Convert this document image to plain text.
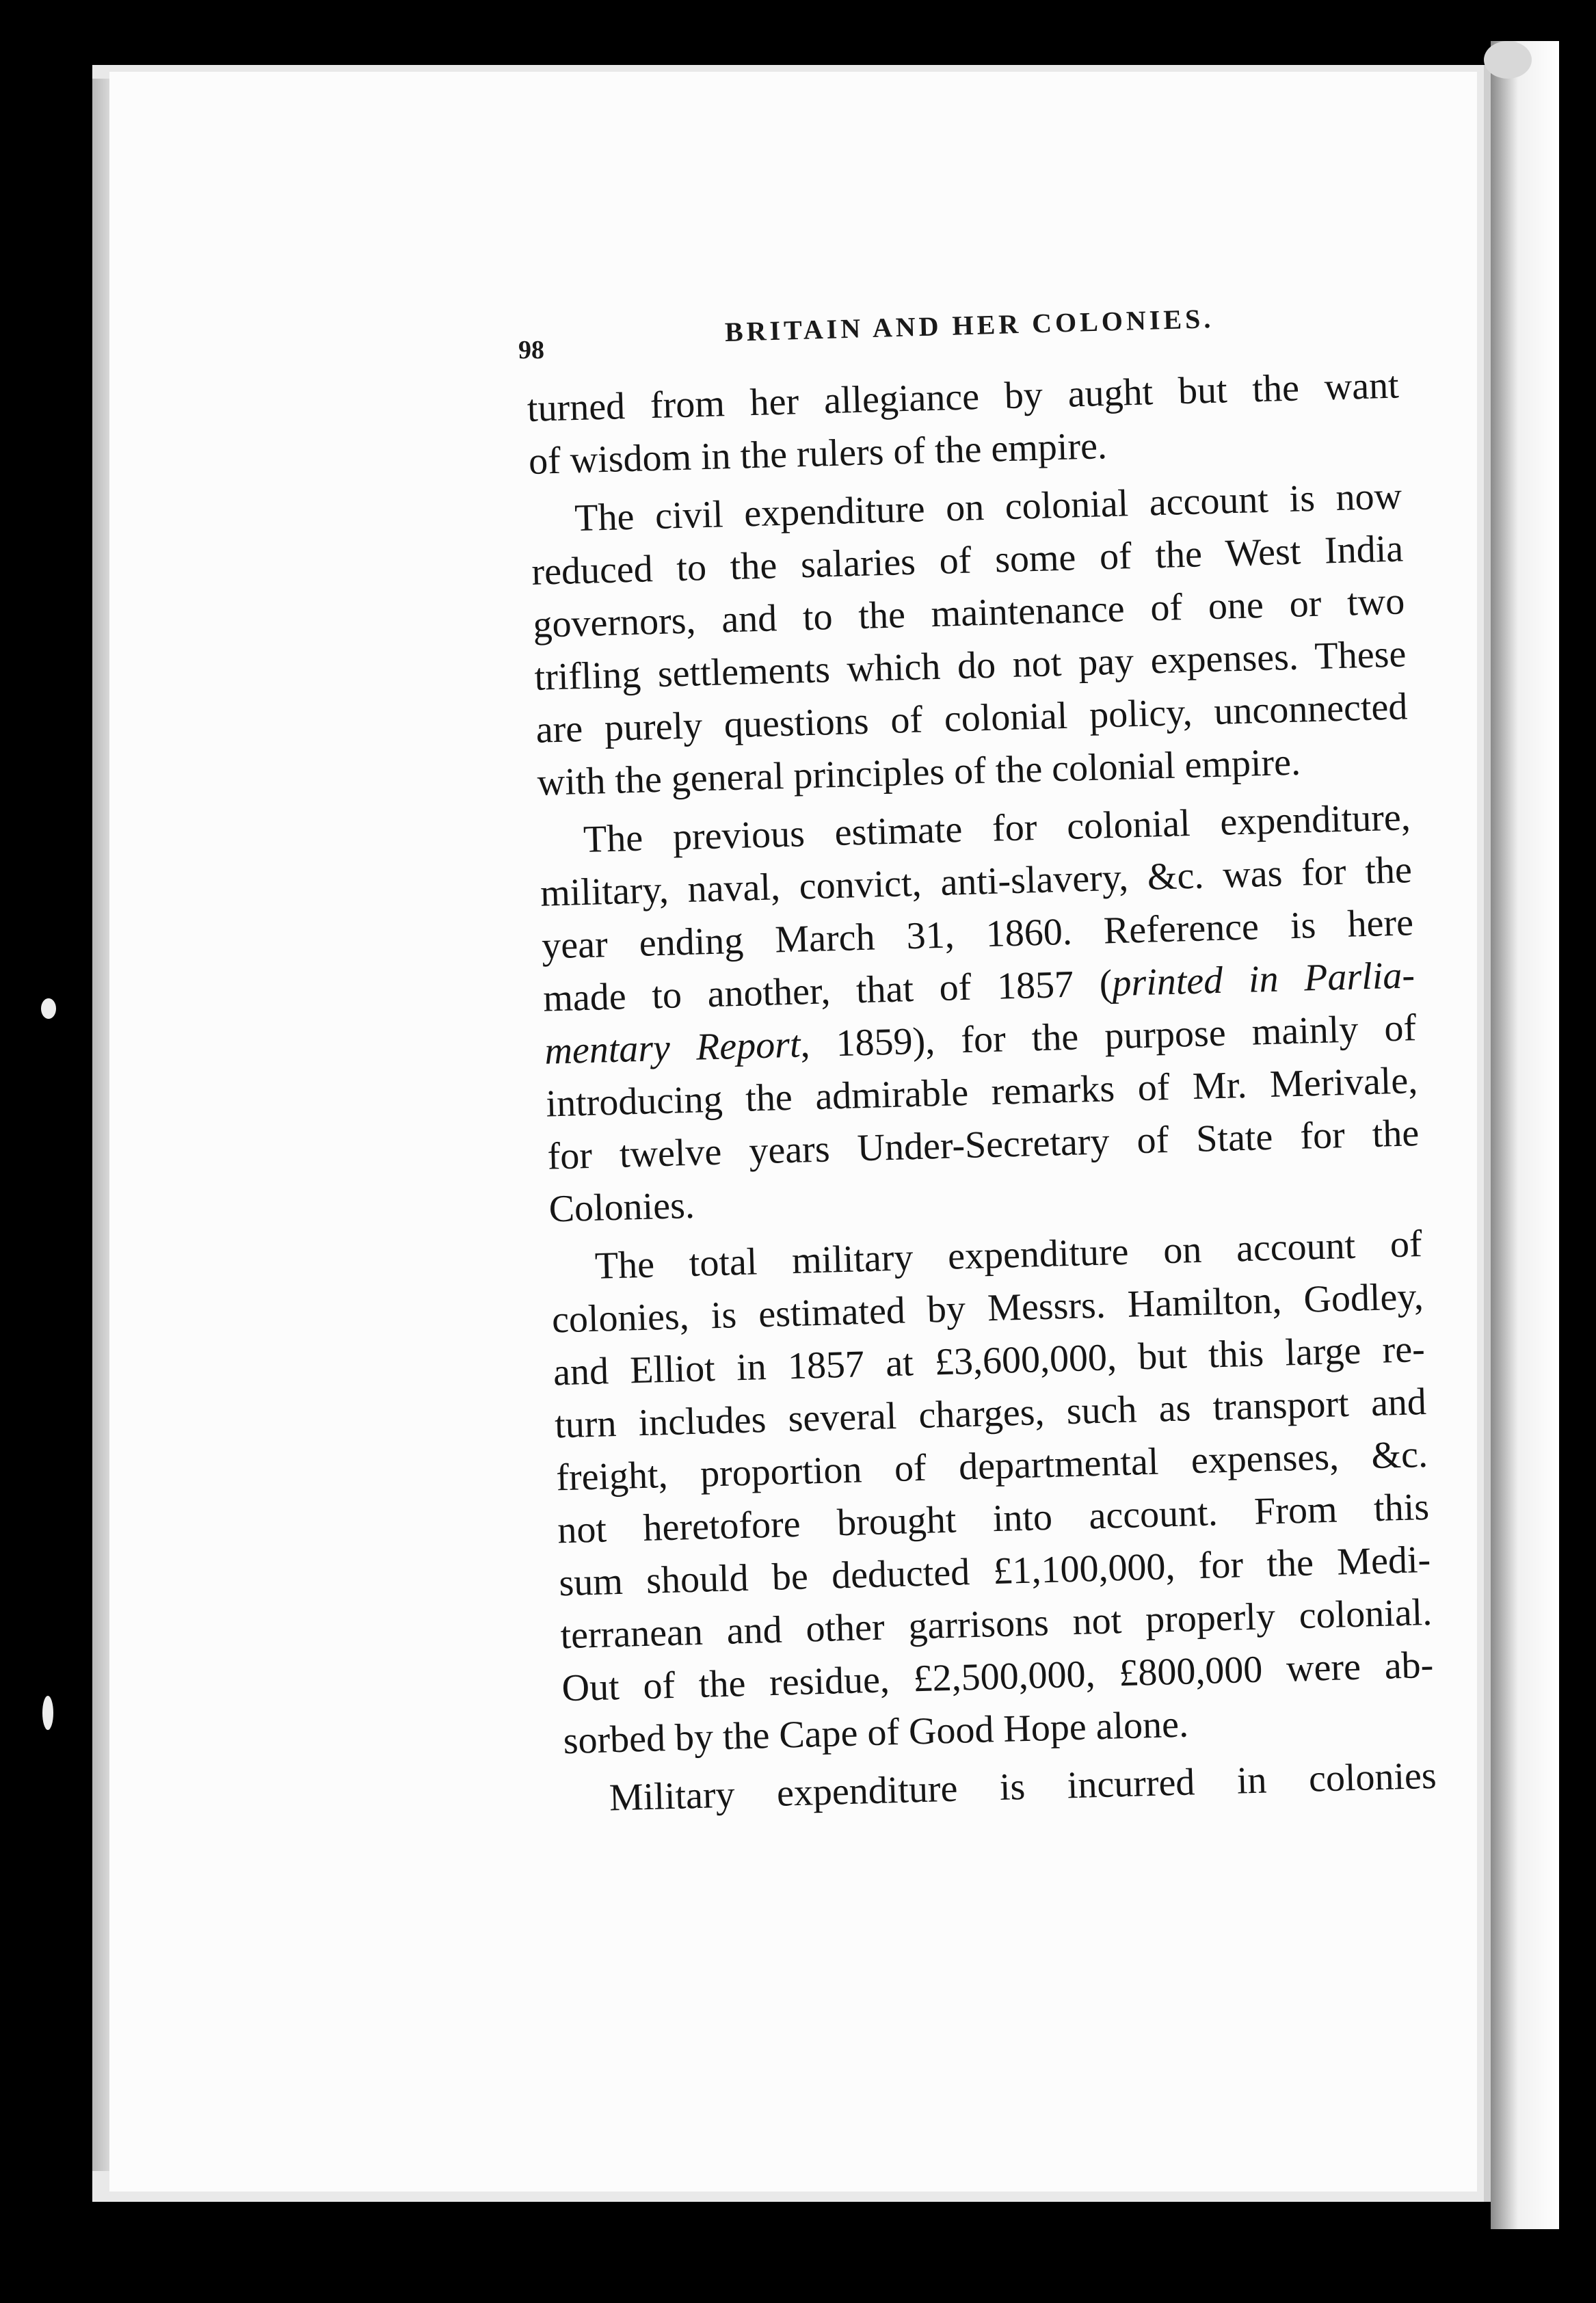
98
BRITAIN AND HER COLONIES.
turned from her allegiance by aught but the want
of wisdom in the rulers of the empire.
The civil expenditure on colonial account is now
reduced to the salaries of some of the West India
governors, and to the maintenance of one or two
trifling settlements which do not pay expenses. These
are purely questions of colonial policy, unconnected
with the general principles of the colonial empire.
The previous estimate for colonial expenditure,
military, naval, convict, anti-slavery, &c. was for the
year ending March 31, 1860. Reference is here
made to another, that of 1857 (printed in Parlia-
mentary Report, 1859), for the purpose mainly of
introducing the admirable remarks of Mr. Merivale,
for twelve years Under-Secretary of State for the
Colonies.
The total military expenditure on account of
colonies, is estimated by Messrs. Hamilton, Godley,
and Elliot in 1857 at £3,600,000, but this large re-
turn includes several charges, such as transport and
freight, proportion of departmental expenses, &c.
not heretofore brought into account. From this
sum should be deducted £1,100,000, for the Medi-
terranean and other garrisons not properly colonial.
Out of the residue, £2,500,000, £800,000 were ab-
sorbed by the Cape of Good Hope alone.
Military expenditure is incurred in colonies
